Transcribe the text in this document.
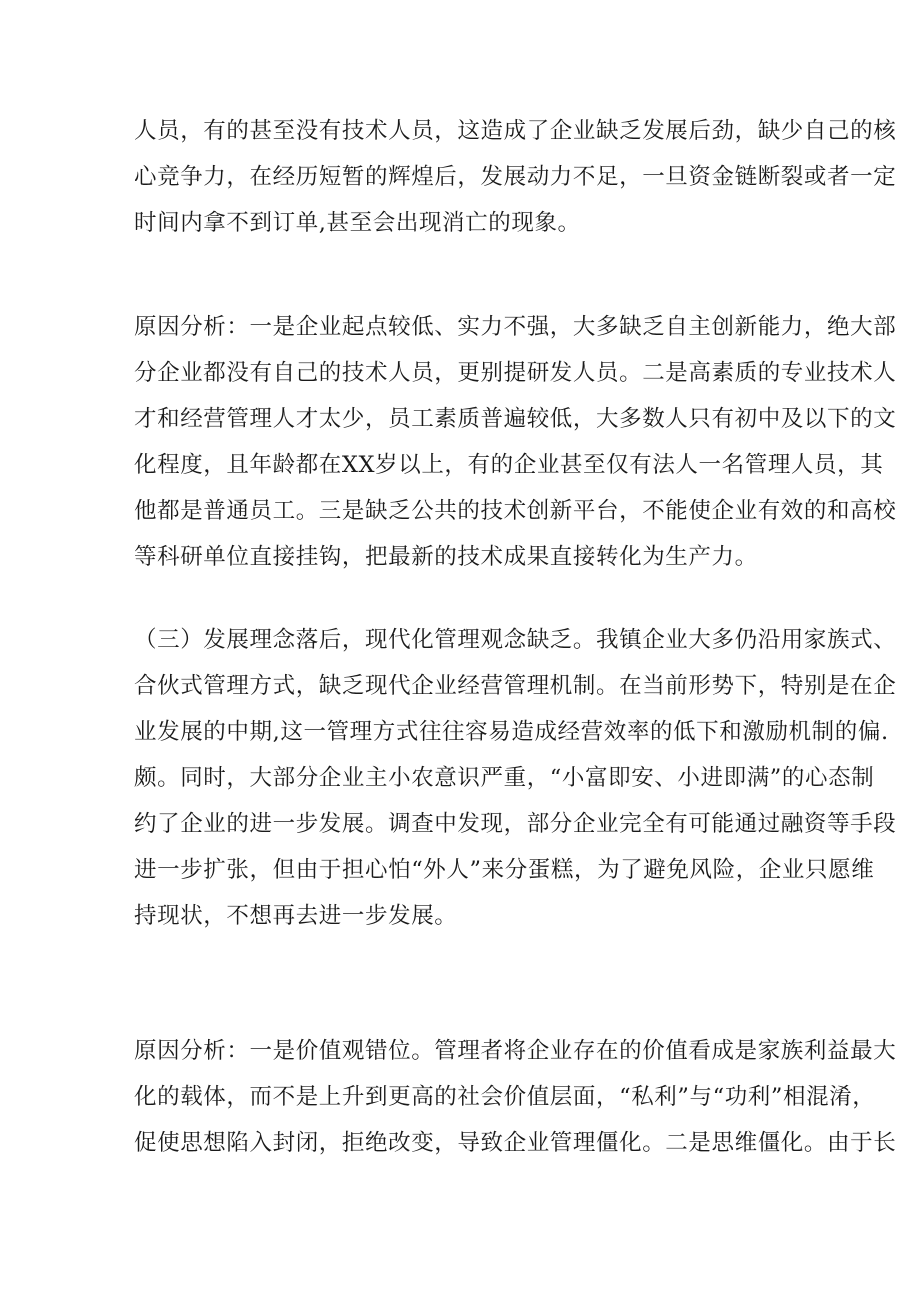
人员，有的甚至没有技术人员，这造成了企业缺乏发展后劲，缺少自己的核
心竞争力，在经历短暂的辉煌后，发展动力不足，一旦资金链断裂或者一定
时间内拿不到订单,甚至会出现消亡的现象。
原因分析：一是企业起点较低、实力不强，大多缺乏自主创新能力，绝大部
分企业都没有自己的技术人员，更别提研发人员。二是高素质的专业技术人
才和经营管理人才太少，员工素质普遍较低，大多数人只有初中及以下的文
化程度，且年龄都在XX岁以上，有的企业甚至仅有法人一名管理人员，其
他都是普通员工。三是缺乏公共的技术创新平台，不能使企业有效的和高校
等科研单位直接挂钩，把最新的技术成果直接转化为生产力。
（三）发展理念落后，现代化管理观念缺乏。我镇企业大多仍沿用家族式、
合伙式管理方式，缺乏现代企业经营管理机制。在当前形势下，特别是在企
业发展的中期,这一管理方式往往容易造成经营效率的低下和激励机制的偏.
颇。同时，大部分企业主小农意识严重，“小富即安、小进即满”的心态制
约了企业的进一步发展。调查中发现，部分企业完全有可能通过融资等手段
进一步扩张，但由于担心怕“外人”来分蛋糕，为了避免风险，企业只愿维
持现状，不想再去进一步发展。
原因分析：一是价值观错位。管理者将企业存在的价值看成是家族利益最大
化的载体，而不是上升到更高的社会价值层面，“私利”与“功利”相混淆，
促使思想陷入封闭，拒绝改变，导致企业管理僵化。二是思维僵化。由于长
